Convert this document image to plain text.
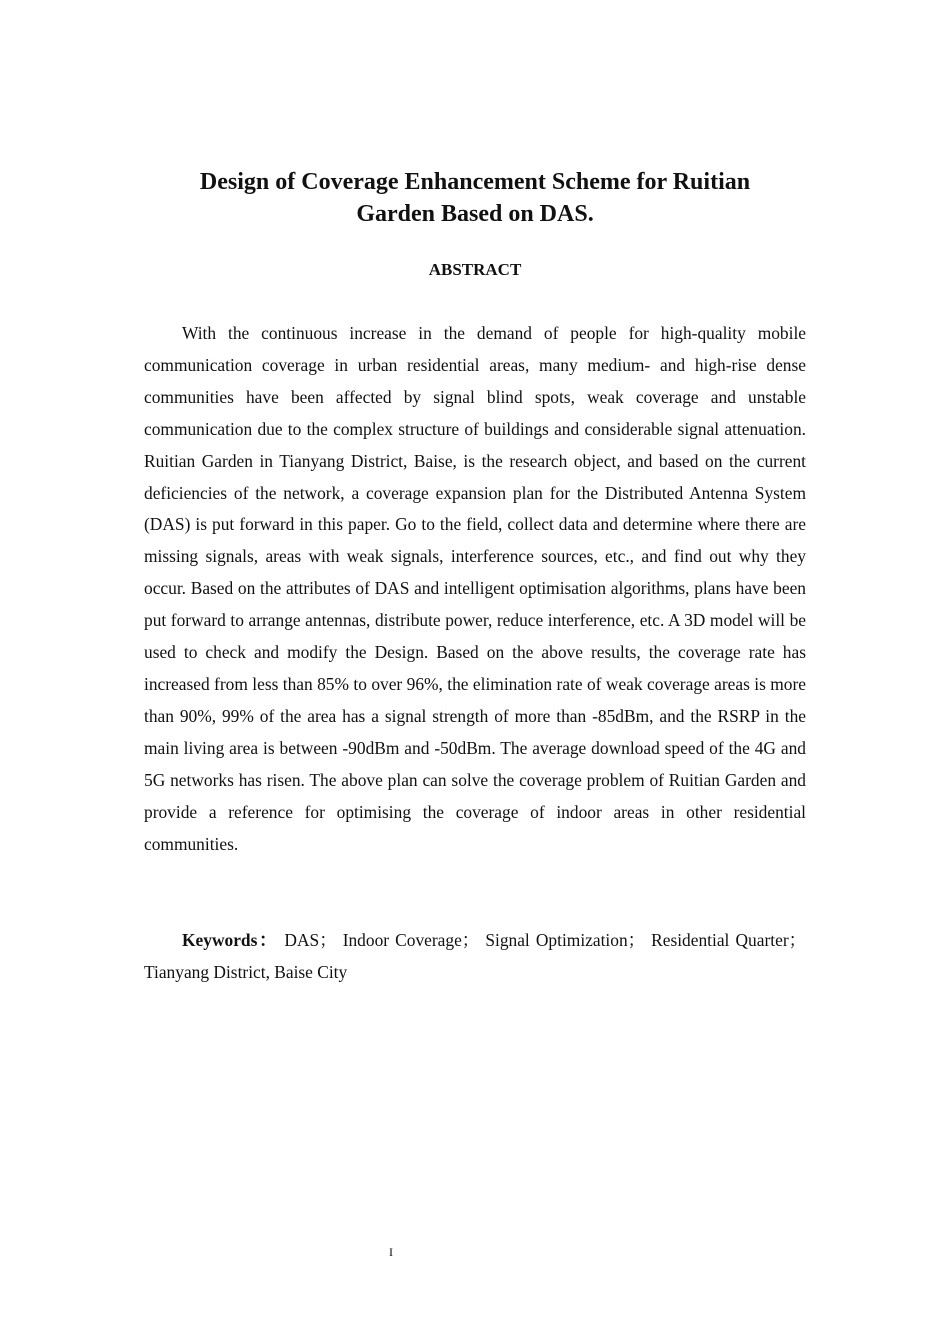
Design of Coverage Enhancement Scheme for Ruitian Garden Based on DAS.
ABSTRACT

With the continuous increase in the demand of people for high-quality mobile communication coverage in urban residential areas, many medium- and high-rise dense communities have been affected by signal blind spots, weak coverage and unstable communication due to the complex structure of buildings and considerable signal attenuation. Ruitian Garden in Tianyang District, Baise, is the research object, and based on the current deficiencies of the network, a coverage expansion plan for the Distributed Antenna System (DAS) is put forward in this paper. Go to the field, collect data and determine where there are missing signals, areas with weak signals, interference sources, etc., and find out why they occur. Based on the attributes of DAS and intelligent optimisation algorithms, plans have been put forward to arrange antennas, distribute power, reduce interference, etc. A 3D model will be used to check and modify the Design. Based on the above results, the coverage rate has increased from less than 85% to over 96%, the elimination rate of weak coverage areas is more than 90%, 99% of the area has a signal strength of more than -85dBm, and the RSRP in the main living area is between -90dBm and -50dBm. The average download speed of the 4G and 5G networks has risen. The above plan can solve the coverage problem of Ruitian Garden and provide a reference for optimising the coverage of indoor areas in other residential communities.

Keywords： DAS； Indoor Coverage； Signal Optimization； Residential Quarter；Tianyang District, Baise City

I
